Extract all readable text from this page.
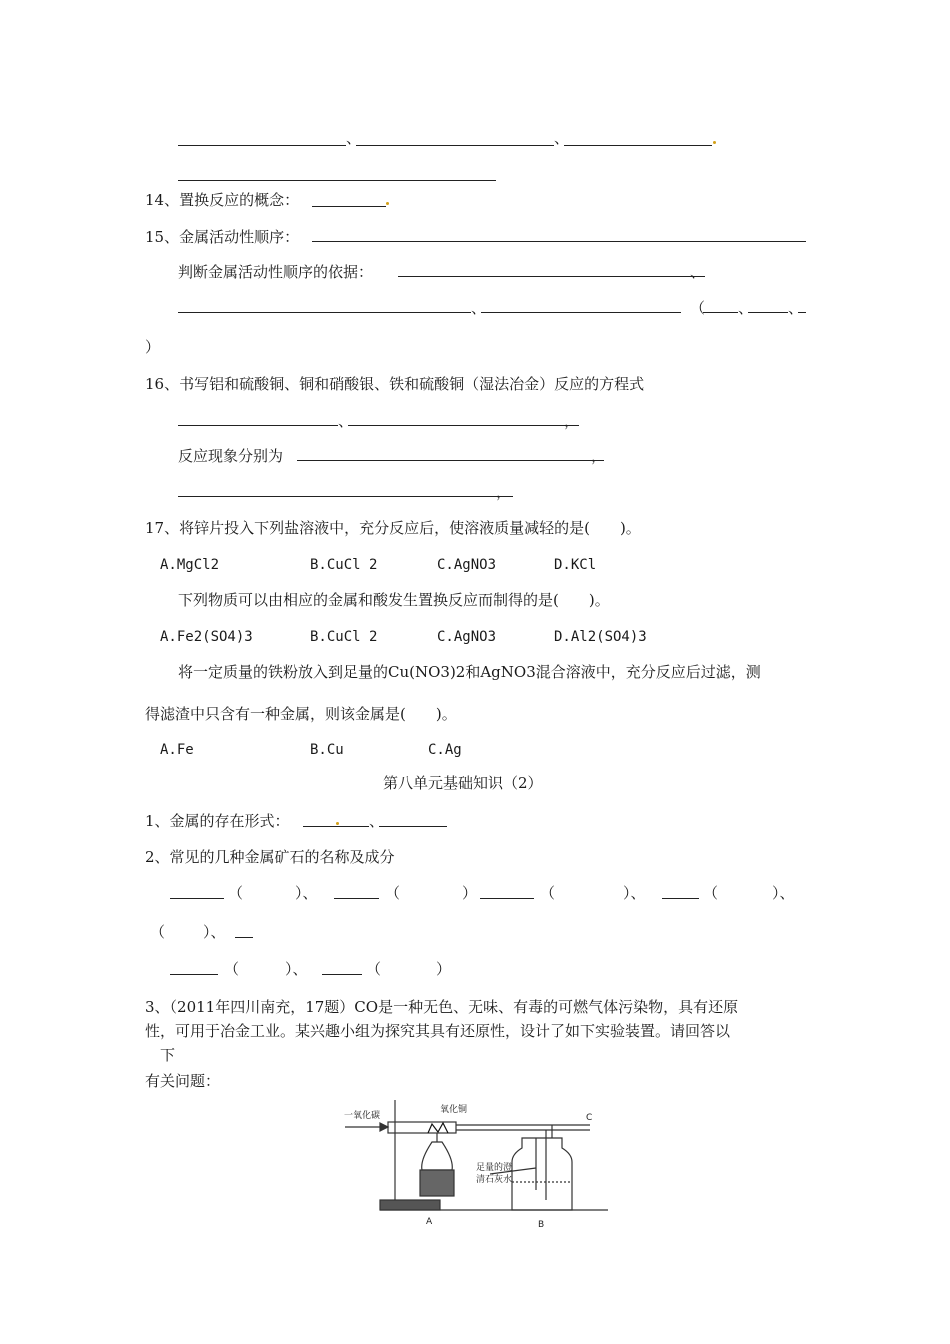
、	、
14、置换反应的概念：
15、金属活动性顺序：
判断金属活动性顺序的依据：	、
、	（ 、 、
）
16、书写铝和硫酸铜、铜和硝酸银、铁和硫酸铜（湿法冶金）反应的方程式
、	，
反应现象分别为	，
，
17、将锌片投入下列盐溶液中，充分反应后，使溶液质量减轻的是(　　)。
A.MgCl2	B.CuCl 2	C.AgNO3	D.KCl
下列物质可以由相应的金属和酸发生置换反应而制得的是(　　)。
A.Fe2(SO4)3	B.CuCl 2	C.AgNO3	D.Al2(SO4)3
将一定质量的铁粉放入到足量的Cu(NO3)2和AgNO3混合溶液中，充分反应后过滤，测
得滤渣中只含有一种金属，则该金属是(　　)。
A.Fe	B.Cu	C.Ag
第八单元基础知识（2）
1、金属的存在形式：	、
2、常见的几种金属矿石的名称及成分
（	）、	（	）	（	）、	（	）、
（	）、
（	）、	（	）
3、（2011年四川南充，17题）CO是一种无色、无味、有毒的可燃气体污染物，具有还原
性，可用于冶金工业。某兴趣小组为探究其具有还原性，设计了如下实验装置。请回答以
下
有关问题：
一氧化碳
氧化铜
足量的澄
清石灰水
A	B
C
